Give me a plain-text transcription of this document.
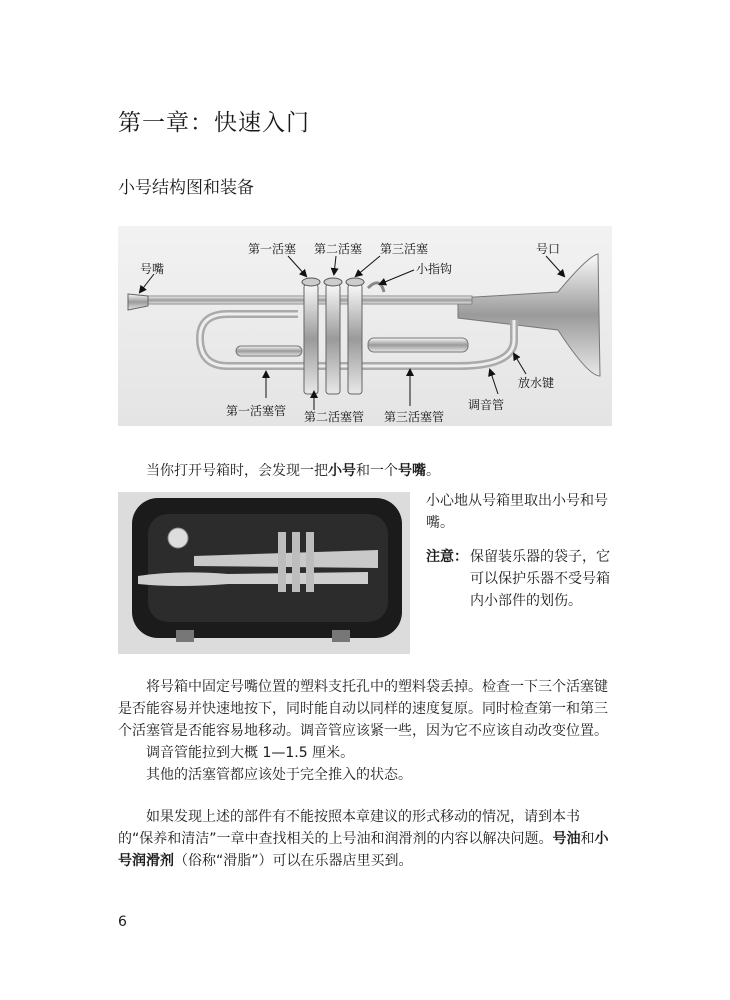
第一章：快速入门
小号结构图和装备
号嘴
第一活塞 第二活塞 第三活塞
小指钩
号口
放水键
调音管
第一活塞管 第二活塞管 第三活塞管
当你打开号箱时，会发现一把小号和一个号嘴。
小心地从号箱里取出小号和号嘴。
注意： 保留装乐器的袋子，它可以保护乐器不受号箱内小部件的划伤。
将号箱中固定号嘴位置的塑料支托孔中的塑料袋丢掉。检查一下三个活塞键是否能容易并快速地按下，同时能自动以同样的速度复原。同时检查第一和第三个活塞管是否能容易地移动。调音管应该紧一些，因为它不应该自动改变位置。
调音管能拉到大概 1—1.5 厘米。
其他的活塞管都应该处于完全推入的状态。
如果发现上述的部件有不能按照本章建议的形式移动的情况，请到本书的“保养和清洁”一章中查找相关的上号油和润滑剂的内容以解决问题。号油和小号润滑剂（俗称“滑脂”）可以在乐器店里买到。
6
